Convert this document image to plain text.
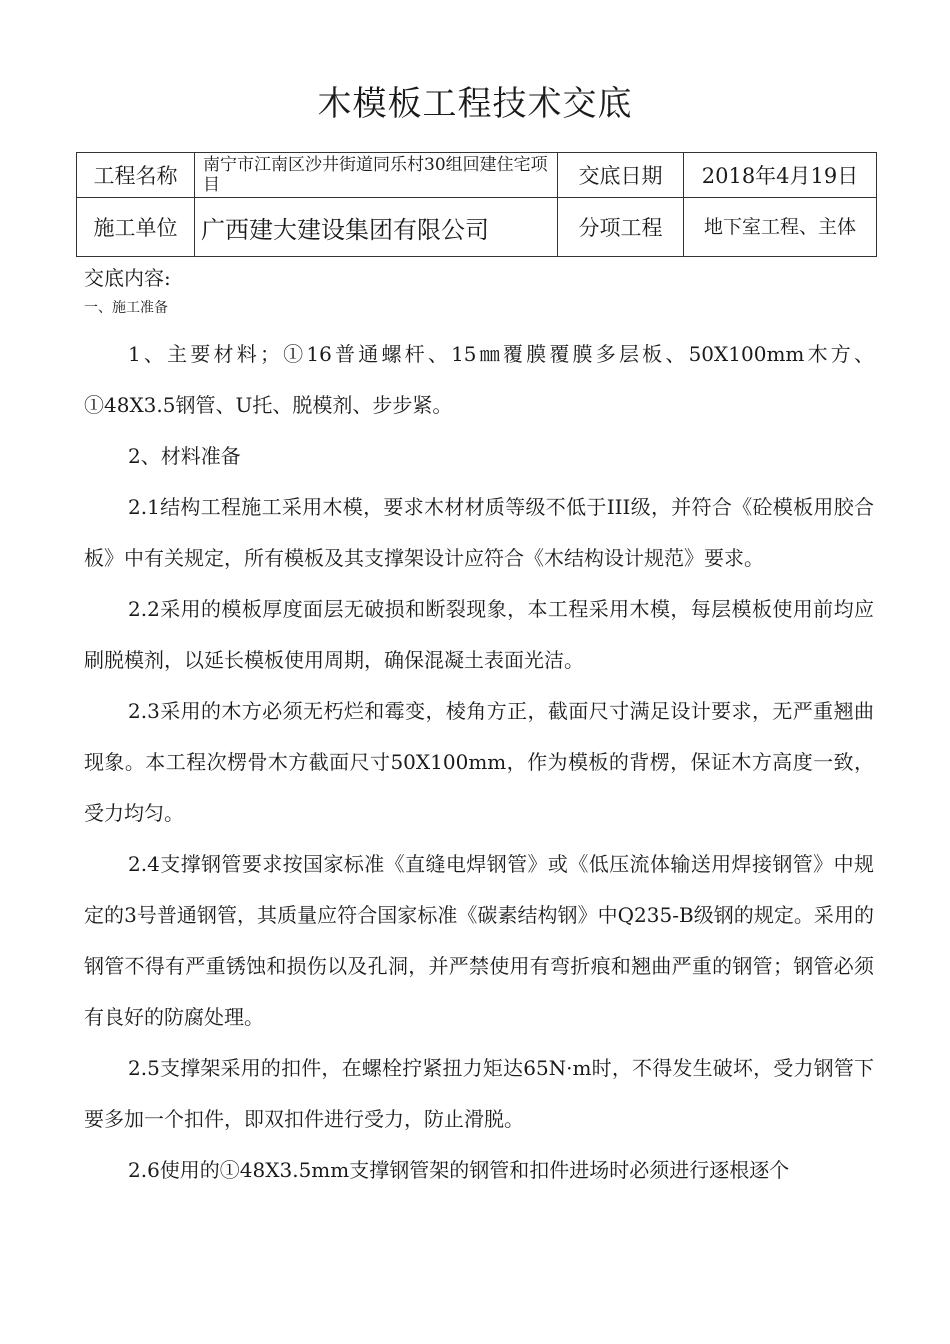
木模板工程技术交底
工程名称	南宁市江南区沙井街道同乐村30组回建住宅项目	交底日期	2018年4月19日
施工单位	广西建大建设集团有限公司	分项工程	地下室工程、主体
交底内容:
一、施工准备

1、主要材料；①16普通螺杆、15㎜覆膜覆膜多层板、50X100mm木方、①48X3.5钢管、U托、脱模剂、步步紧。

2、材料准备

2.1结构工程施工采用木模，要求木材材质等级不低于III级，并符合《砼模板用胶合板》中有关规定，所有模板及其支撑架设计应符合《木结构设计规范》要求。

2.2采用的模板厚度面层无破损和断裂现象，本工程采用木模，每层模板使用前均应刷脱模剂，以延长模板使用周期，确保混凝土表面光洁。

2.3采用的木方必须无朽烂和霉变，棱角方正，截面尺寸满足设计要求，无严重翘曲现象。本工程次楞骨木方截面尺寸50X100mm，作为模板的背楞，保证木方高度一致，受力均匀。

2.4支撑钢管要求按国家标准《直缝电焊钢管》或《低压流体输送用焊接钢管》中规定的3号普通钢管，其质量应符合国家标准《碳素结构钢》中Q235-B级钢的规定。采用的钢管不得有严重锈蚀和损伤以及孔洞，并严禁使用有弯折痕和翘曲严重的钢管；钢管必须有良好的防腐处理。

2.5支撑架采用的扣件，在螺栓拧紧扭力矩达65N·m时，不得发生破坏，受力钢管下要多加一个扣件，即双扣件进行受力，防止滑脱。

2.6使用的①48X3.5mm支撑钢管架的钢管和扣件进场时必须进行逐根逐个
